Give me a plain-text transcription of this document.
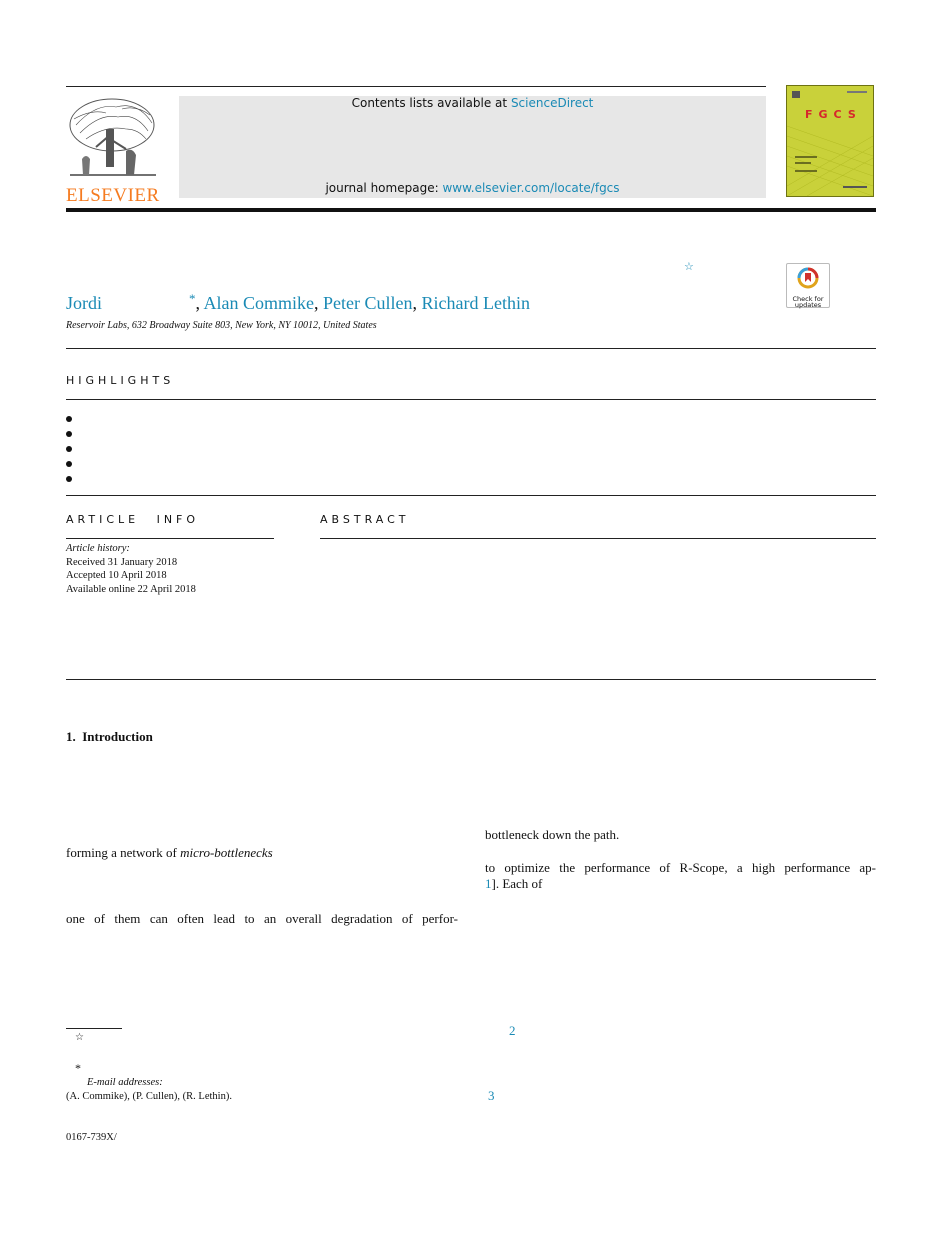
ELSEVIER
Contents lists available at ScienceDirect
journal homepage: www.elsevier.com/locate/fgcs
FGCS
☆
Check for
updates
Jordi	*, Alan Commike, Peter Cullen, Richard Lethin
Reservoir Labs, 632 Broadway Suite 803, New York, NY 10012, United States
HIGHLIGHTS
ARTICLE INFO
Article history:
Received 31 January 2018
Accepted 10 April 2018
Available online 22 April 2018
ABSTRACT
1.  Introduction
forming a network of micro-bottlenecks
one of them can often lead to an overall degradation of perfor-
bottleneck down the path.
to optimize the performance of R-Scope, a high performance ap-
1]. Each of
☆
*
E-mail addresses:
(A. Commike), (P. Cullen), (R. Lethin).
0167-739X/
2
3
